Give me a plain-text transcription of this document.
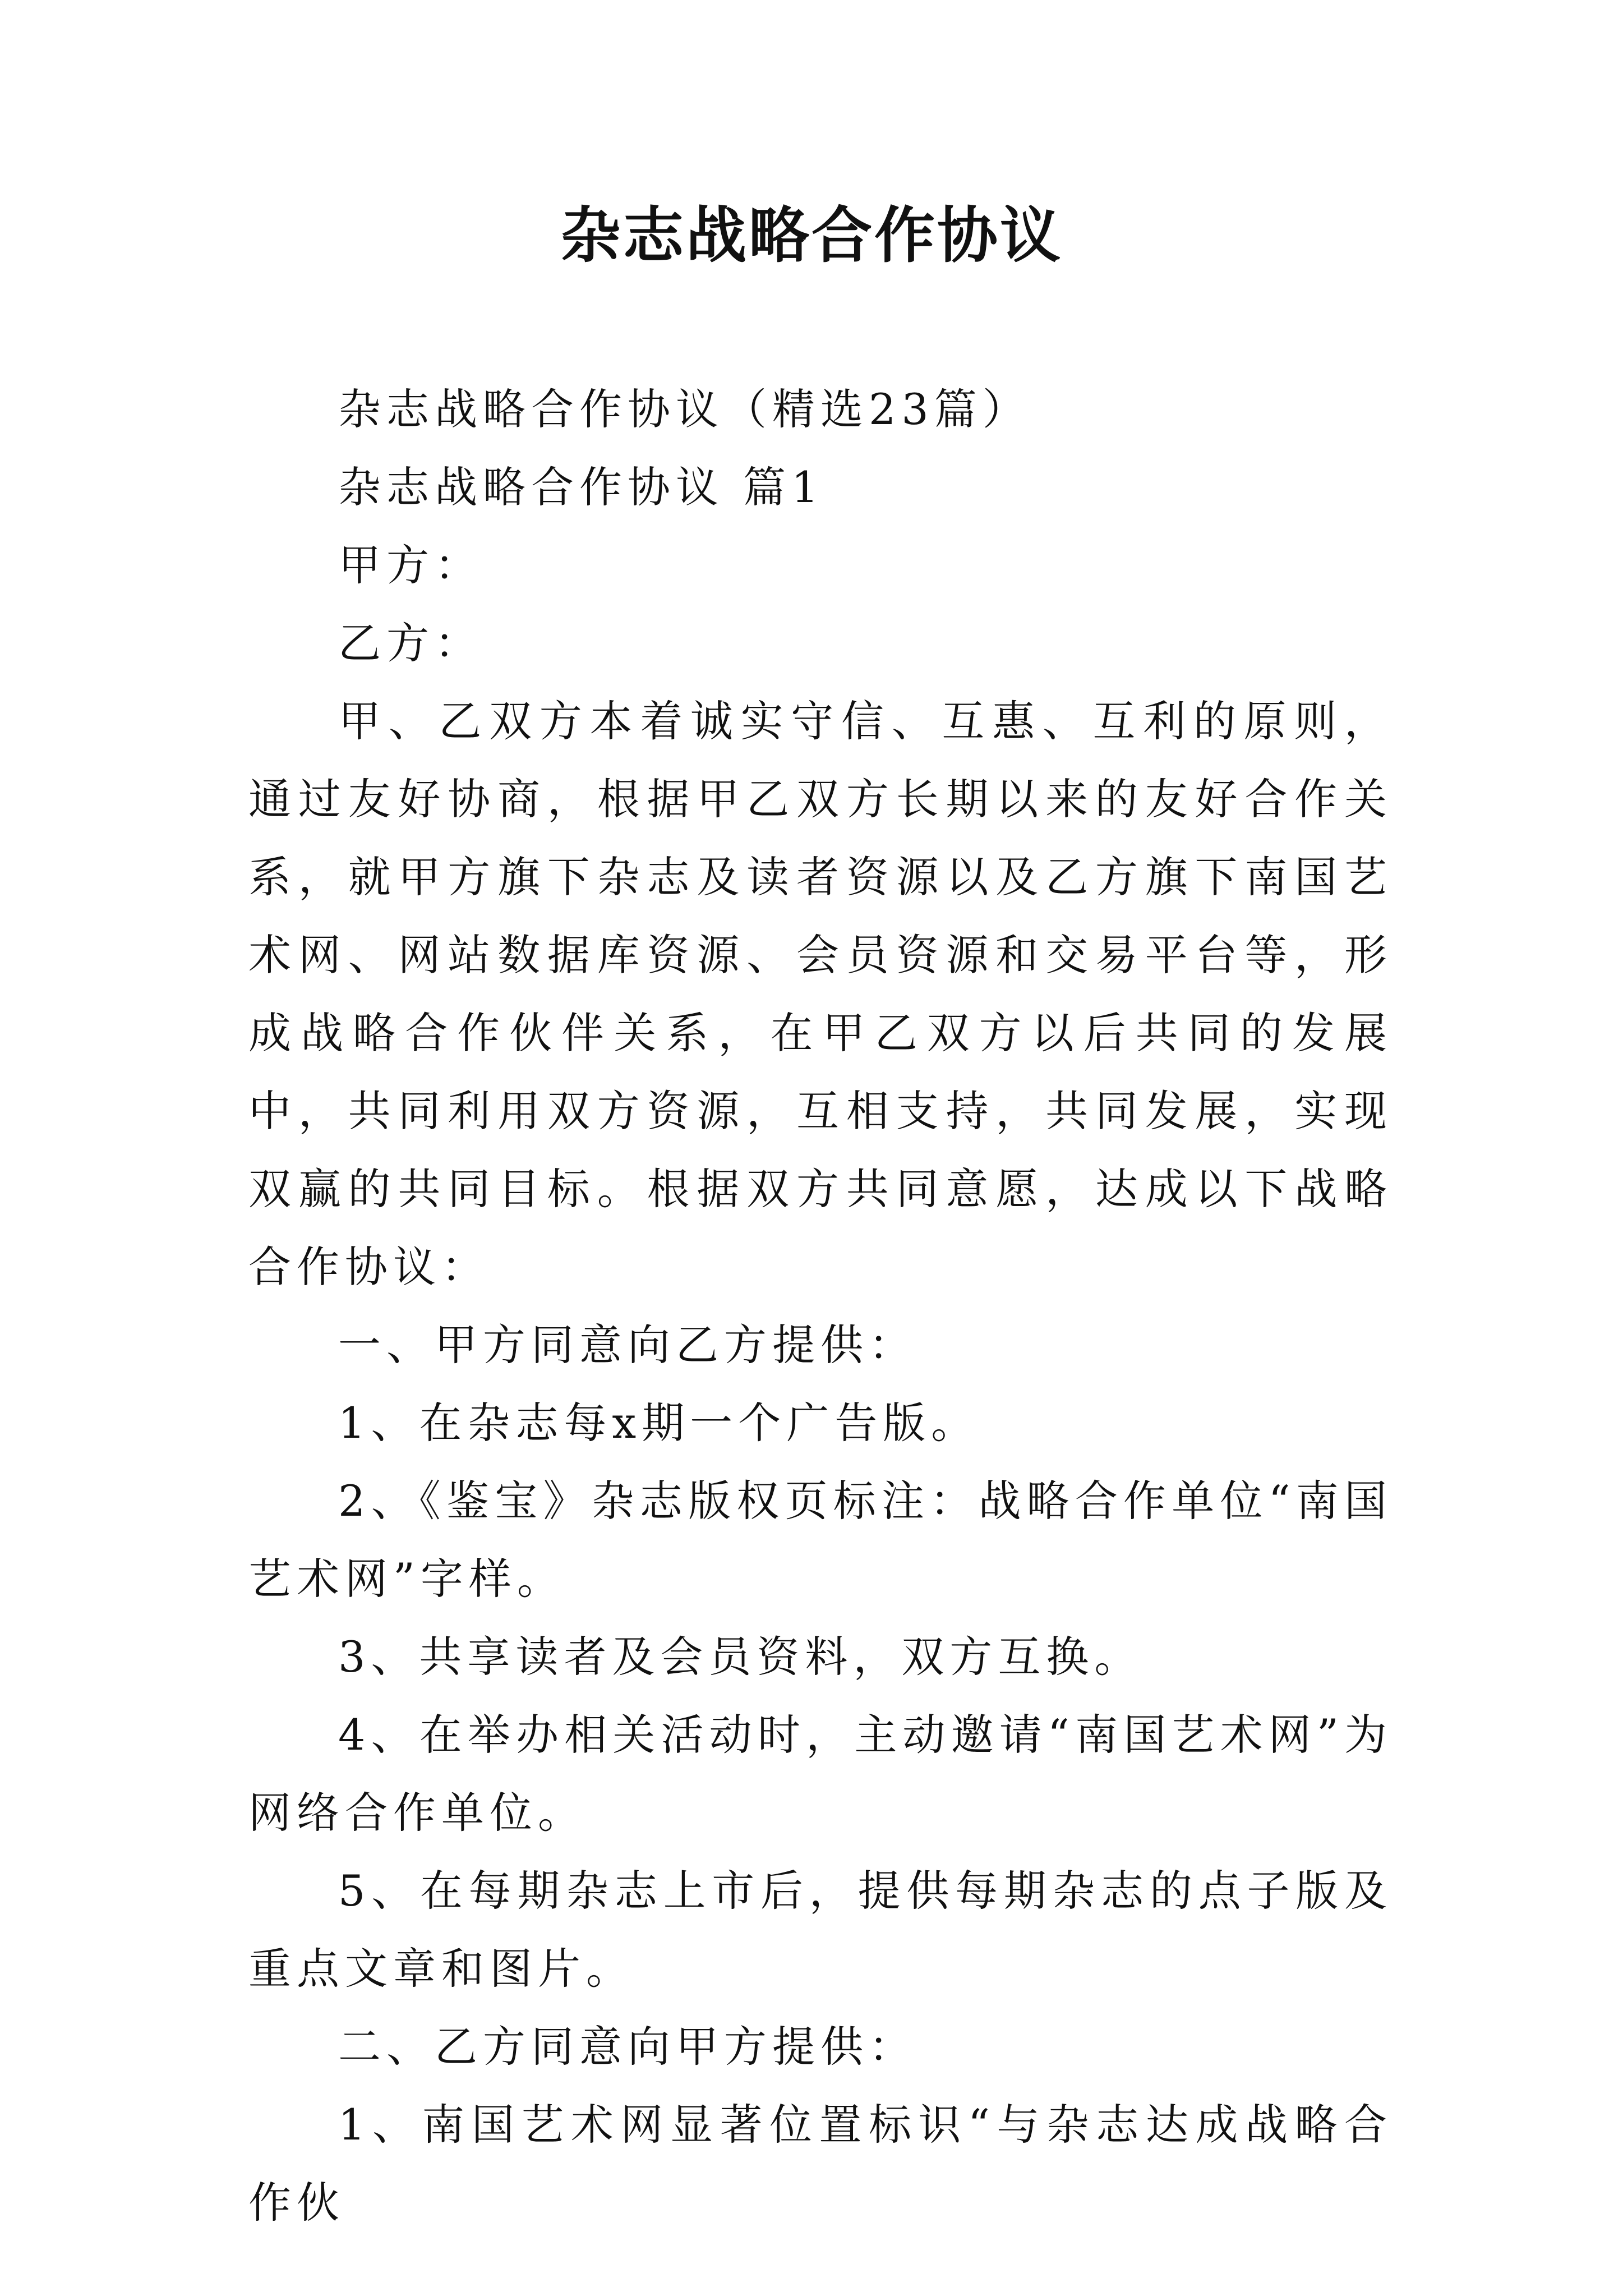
杂志战略合作协议

杂志战略合作协议（精选23篇）

杂志战略合作协议 篇1

甲方：

乙方：

甲、乙双方本着诚实守信、互惠、互利的原则，通过友好协商，根据甲乙双方长期以来的友好合作关系，就甲方旗下杂志及读者资源以及乙方旗下南国艺术网、网站数据库资源、会员资源和交易平台等，形成战略合作伙伴关系，在甲乙双方以后共同的发展中，共同利用双方资源，互相支持，共同发展，实现双赢的共同目标。根据双方共同意愿，达成以下战略合作协议：

一、甲方同意向乙方提供：

1、在杂志每x期一个广告版。

2、《鉴宝》杂志版权页标注：战略合作单位“南国艺术网”字样。

3、共享读者及会员资料，双方互换。

4、在举办相关活动时，主动邀请“南国艺术网”为网络合作单位。

5、在每期杂志上市后，提供每期杂志的点子版及重点文章和图片。

二、乙方同意向甲方提供：

1、南国艺术网显著位置标识“与杂志达成战略合作伙
